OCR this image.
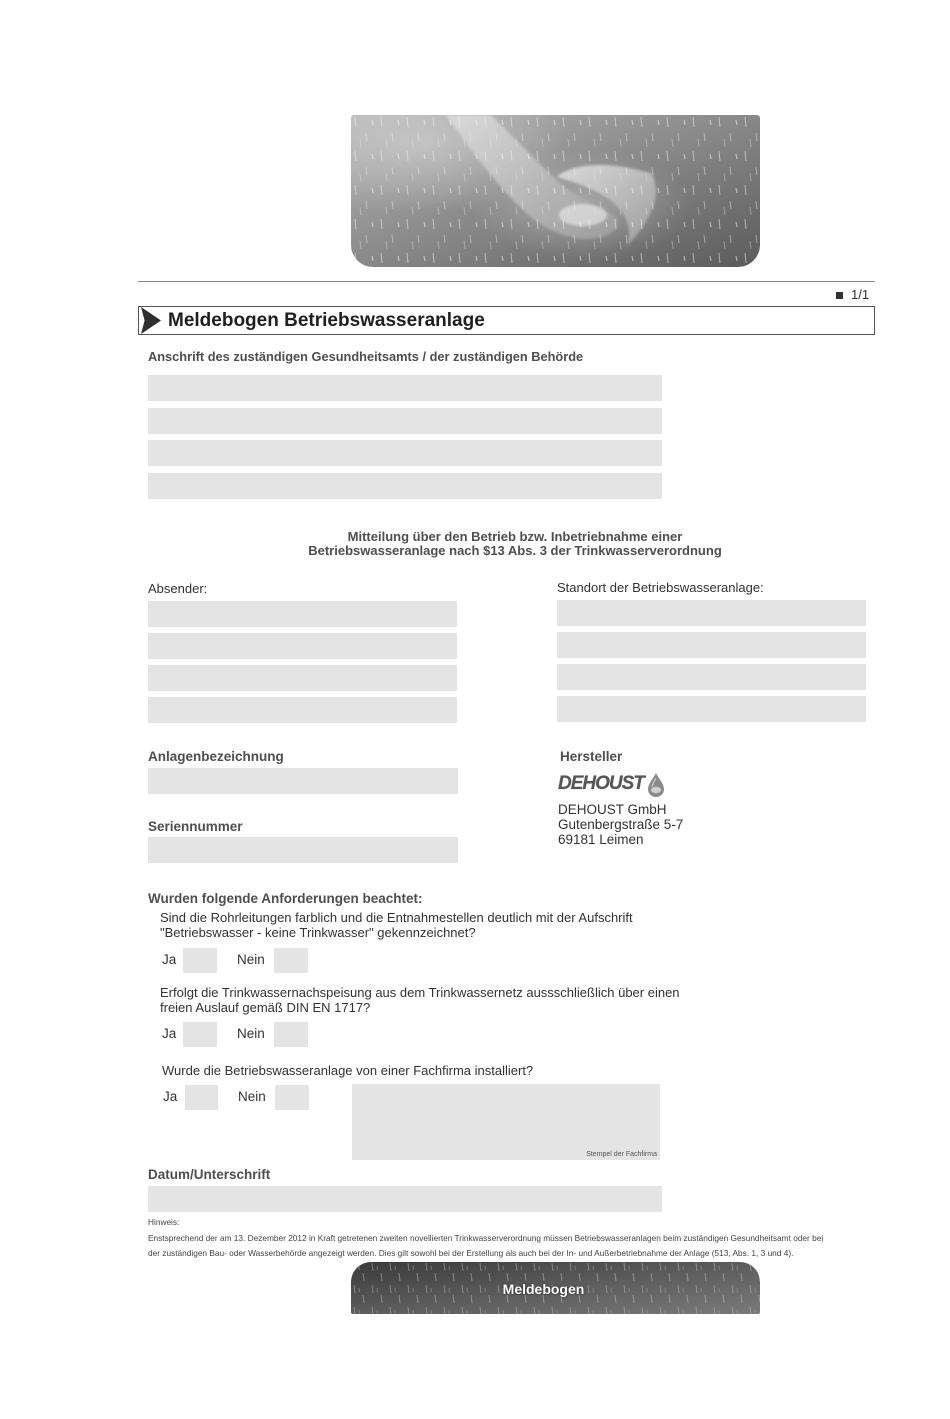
1/1
Meldebogen Betriebswasseranlage
Anschrift des zuständigen Gesundheitsamts / der zuständigen Behörde
Mitteilung über den Betrieb bzw. Inbetriebnahme einer
Betriebswasseranlage nach $13 Abs. 3 der Trinkwasserverordnung
Absender:	Standort der Betriebswasseranlage:
Anlagenbezeichnung
Seriennummer
Hersteller
DEHOUST
DEHOUST GmbH
Gutenbergstraße 5-7
69181 Leimen
Wurden folgende Anforderungen beachtet:
Sind die Rohrleitungen farblich und die Entnahmestellen deutlich mit der Aufschrift
"Betriebswasser - keine Trinkwasser" gekennzeichnet?
Ja	Nein
Erfolgt die Trinkwassernachspeisung aus dem Trinkwassernetz aussschließlich über einen
freien Auslauf gemäß DIN EN 1717?
Ja	Nein
Wurde die Betriebswasseranlage von einer Fachfirma installiert?
Ja	Nein
Stempel der Fachfirma
Datum/Unterschrift
Hinweis:
Enstsprechend der am 13. Dezember 2012 in Kraft getretenen zweiten novellierten Trinkwasserverordnung müssen Betriebswasseranlagen beim zuständigen Gesundheitsamt oder bei
der zuständigen Bau- oder Wasserbehörde angezeigt werden. Dies gilt sowohl bei der Erstellung als auch bei der In- und Außerbetriebnahme der Anlage (513, Abs. 1, 3 und 4).
Meldebogen
